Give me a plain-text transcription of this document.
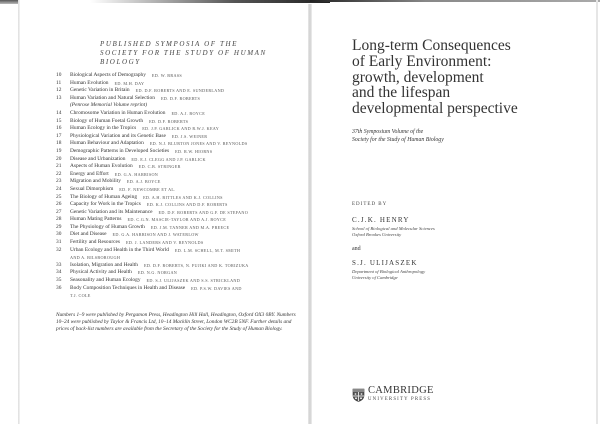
PUBLISHED SYMPOSIA OF THE
SOCIETY FOR THE STUDY OF HUMAN BIOLOGY
10	Biological Aspects of Demography ED. W. BRASS
11	Human Evolution ED. M.H. DAY
12	Genetic Variation in Britain ED. D.F. ROBERTS AND E. SUNDERLAND
13	Human Variation and Natural Selection ED. D.F. ROBERTS
(Penrose Memorial Volume reprint)
14	Chromosome Variation in Human Evolution ED. A.J. BOYCE
15	Biology of Human Foetal Growth ED. D.F. ROBERTS
16	Human Ecology in the Tropics ED. J.P. GARLICK AND R.W.J. KEAY
17	Physiological Variation and its Genetic Base ED. J.S. WEINER
18	Human Behaviour and Adaptation ED. N.J. BLURTON JONES AND V. REYNOLDS
19	Demographic Patterns in Developed Societies ED. R.W. HIORNS
20	Disease and Urbanization ED. E.J. CLEGG AND J.P. GARLICK
21	Aspects of Human Evolution ED. C.B. STRINGER
22	Energy and Effort ED. G.A. HARRISON
23	Migration and Mobility ED. A.J. BOYCE
24	Sexual Dimorphism ED. F. NEWCOMBE ET AL.
25	The Biology of Human Ageing ED. A.H. BITTLES AND K.J. COLLINS
26	Capacity for Work in the Tropics ED. K.J. COLLINS AND D.F. ROBERTS
27	Genetic Variation and its Maintenance ED. D.F. ROBERTS AND G.F. DE STEFANO
28	Human Mating Patterns ED. C.G.N. MASCIE-TAYLOR AND A.J. BOYCE
29	The Physiology of Human Growth ED. J.M. TANNER AND M.A. PREECE
30	Diet and Disease ED. G.A. HARRISON AND J. WATERLOW
31	Fertility and Resources ED. J. LANDERS AND V. REYNOLDS
32	Urban Ecology and Health in the Third World ED. L.M. SCHELL, M.T. SMITH
AND A. BILSBOROUGH
33	Isolation, Migration and Health ED. D.F. ROBERTS, N. FUJIKI AND K. TORIZUKA
34	Physical Activity and Health ED. N.G. NORGAN
35	Seasonality and Human Ecology ED. S.J. ULIJASZEK AND S.S. STRICKLAND
36	Body Composition Techniques in Health and Disease ED. P.S.W. DAVIES AND
T.J. COLE
Numbers 1–9 were published by Pergamon Press, Headington Hill Hall, Headington, Oxford OX3 0BY. Numbers 10–24 were published by Taylor & Francis Ltd, 10–14 Macklin Street, London WC2B 5NF. Further details and prices of back-list numbers are available from the Secretary of the Society for the Study of Human Biology.
Long-term Consequences
of Early Environment:
growth, development
and the lifespan
developmental perspective
37th Symposium Volume of the
Society for the Study of Human Biology
EDITED BY
C.J.K. HENRY
School of Biological and Molecular Sciences
Oxford Brookes University
and
S.J. ULIJASZEK
Department of Biological Anthropology
University of Cambridge
CAMBRIDGE
UNIVERSITY PRESS
